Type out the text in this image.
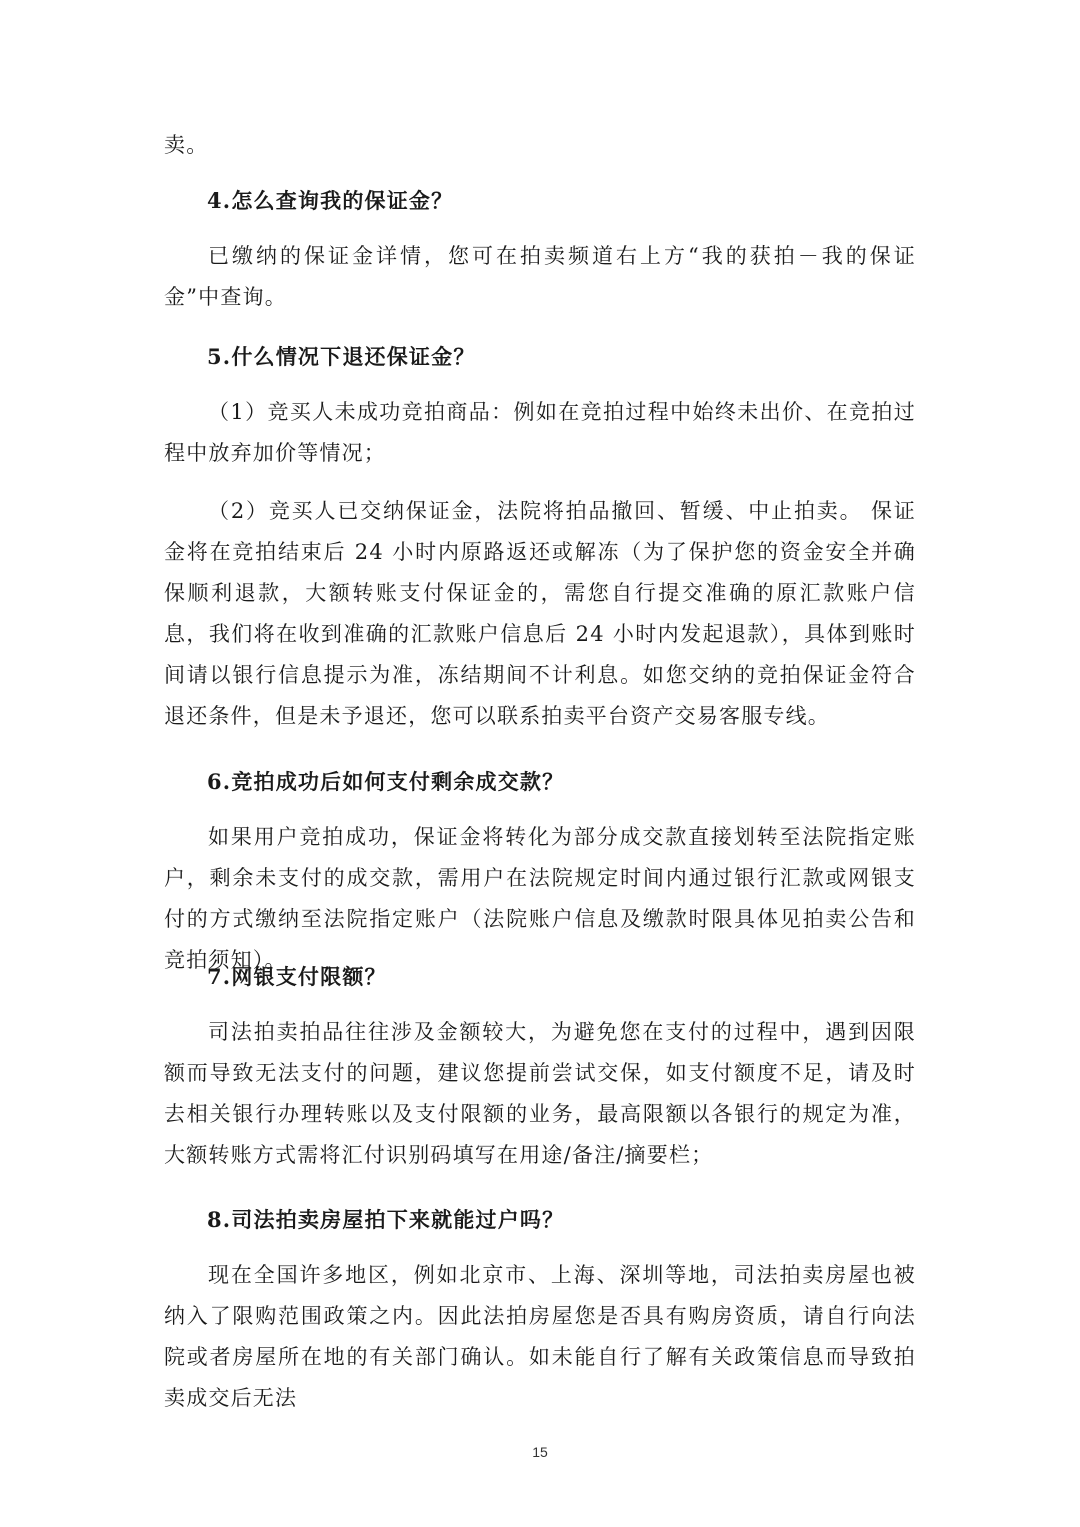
卖。

4.怎么查询我的保证金？

已缴纳的保证金详情，您可在拍卖频道右上方“我的获拍－我的保证金”中查询。

5.什么情况下退还保证金？

（1）竞买人未成功竞拍商品：例如在竞拍过程中始终未出价、在竞拍过程中放弃加价等情况；

（2）竞买人已交纳保证金，法院将拍品撤回、暂缓、中止拍卖。 保证金将在竞拍结束后 24 小时内原路返还或解冻（为了保护您的资金安全并确保顺利退款，大额转账支付保证金的，需您自行提交准确的原汇款账户信息，我们将在收到准确的汇款账户信息后 24 小时内发起退款），具体到账时间请以银行信息提示为准，冻结期间不计利息。如您交纳的竞拍保证金符合退还条件，但是未予退还，您可以联系拍卖平台资产交易客服专线。

6.竞拍成功后如何支付剩余成交款？

如果用户竞拍成功，保证金将转化为部分成交款直接划转至法院指定账户，剩余未支付的成交款，需用户在法院规定时间内通过银行汇款或网银支付的方式缴纳至法院指定账户（法院账户信息及缴款时限具体见拍卖公告和竞拍须知）。

7.网银支付限额？

司法拍卖拍品往往涉及金额较大，为避免您在支付的过程中，遇到因限额而导致无法支付的问题，建议您提前尝试交保，如支付额度不足，请及时去相关银行办理转账以及支付限额的业务，最高限额以各银行的规定为准，大额转账方式需将汇付识别码填写在用途/备注/摘要栏；

8.司法拍卖房屋拍下来就能过户吗？

现在全国许多地区，例如北京市、上海、深圳等地，司法拍卖房屋也被纳入了限购范围政策之内。因此法拍房屋您是否具有购房资质，请自行向法院或者房屋所在地的有关部门确认。如未能自行了解有关政策信息而导致拍卖成交后无法

15
